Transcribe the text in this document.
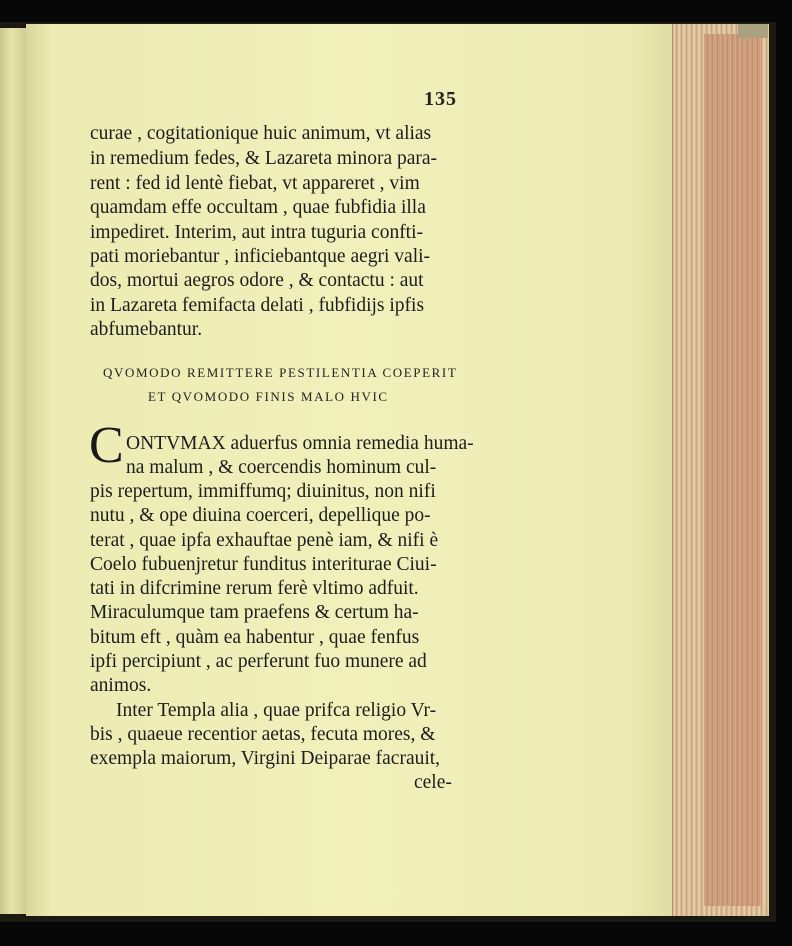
135
curae , cogitationique huic animum, vt alias
in remedium fedes, & Lazareta minora para-
rent : fed id lentè fiebat, vt appareret , vim
quamdam effe occultam , quae fubfidia illa
impediret. Interim, aut intra tuguria confti-
pati moriebantur , inficiebantque aegri vali-
dos, mortui aegros odore , & contactu : aut
in Lazareta femifacta delati , fubfidijs ipfis
abfumebantur.
QVOMODO REMITTERE PESTILENTIA COEPERIT
ET QVOMODO FINIS MALO HVIC
C ONTVMAX aduerfus omnia remedia huma-
na malum , & coercendis hominum cul-
pis repertum, immiffumq; diuinitus, non nifi
nutu , & ope diuina coerceri, depellique po-
terat , quae ipfa exhauftae penè iam, & nifi è
Coelo fubuenjretur funditus interiturae Ciui-
tati in difcrimine rerum ferè vltimo adfuit.
Miraculumque tam praefens & certum ha-
bitum eft , quàm ea habentur , quae fenfus
ipfi percipiunt , ac perferunt fuo munere ad
animos.
Inter Templa alia , quae prifca religio Vr-
bis , quaeue recentior aetas, fecuta mores, &
exempla maiorum, Virgini Deiparae facrauit,
cele-
